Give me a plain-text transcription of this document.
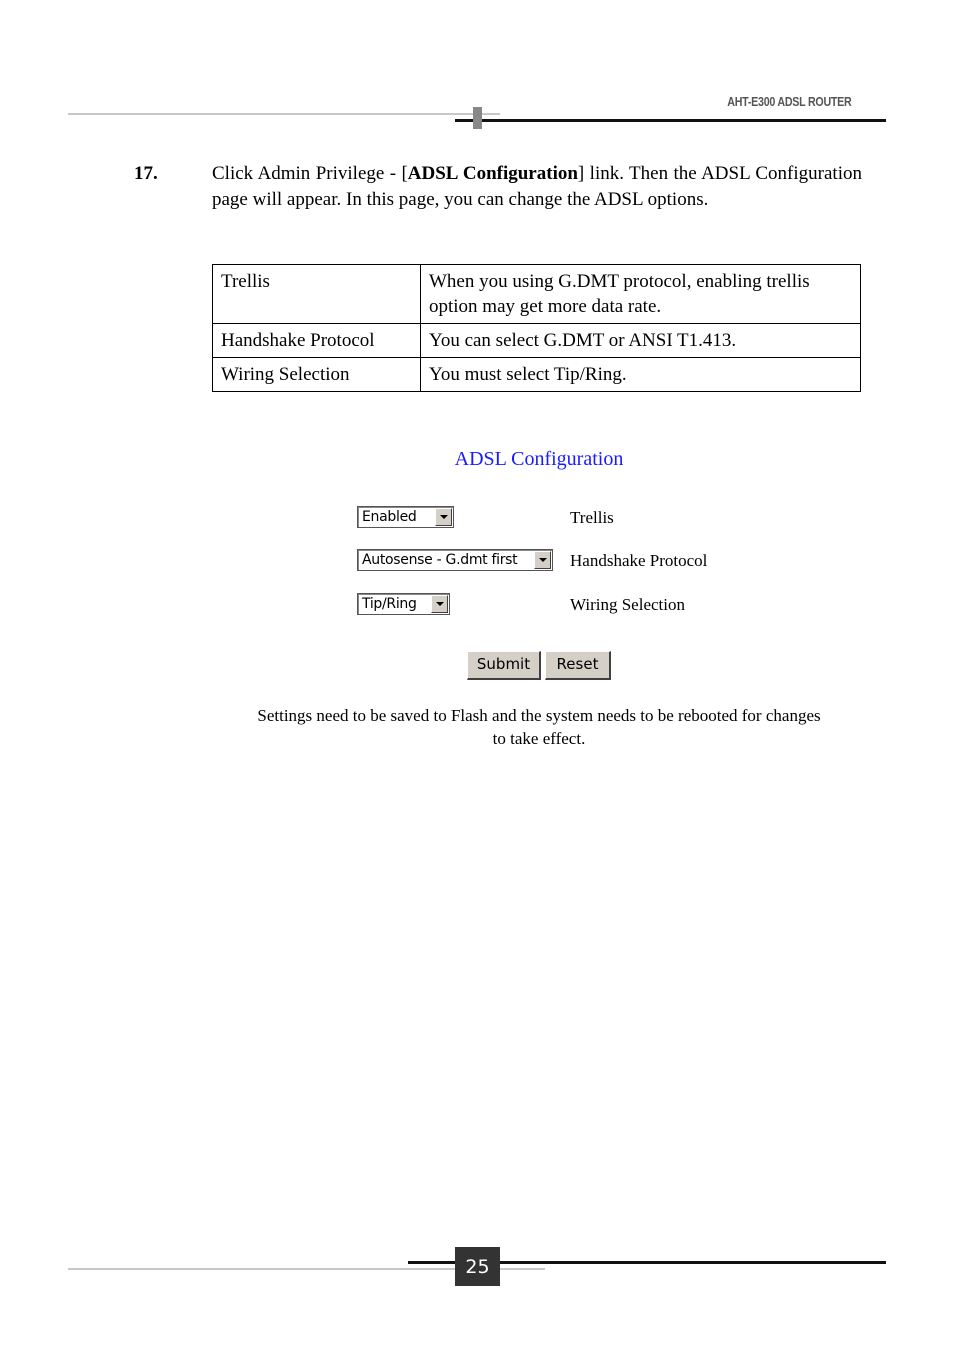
AHT-E300 ADSL ROUTER
17.	Click Admin Privilege - [ADSL Configuration] link. Then the ADSL Configuration page will appear. In this page, you can change the ADSL options.
Trellis	When you using G.DMT protocol, enabling trellis option may get more data rate.
Handshake Protocol	You can select G.DMT or ANSI T1.413.
Wiring Selection	You must select Tip/Ring.
ADSL Configuration
Enabled	Trellis
Autosense - G.dmt first	Handshake Protocol
Tip/Ring	Wiring Selection
Submit	Reset
Settings need to be saved to Flash and the system needs to be rebooted for changes to take effect.
25
